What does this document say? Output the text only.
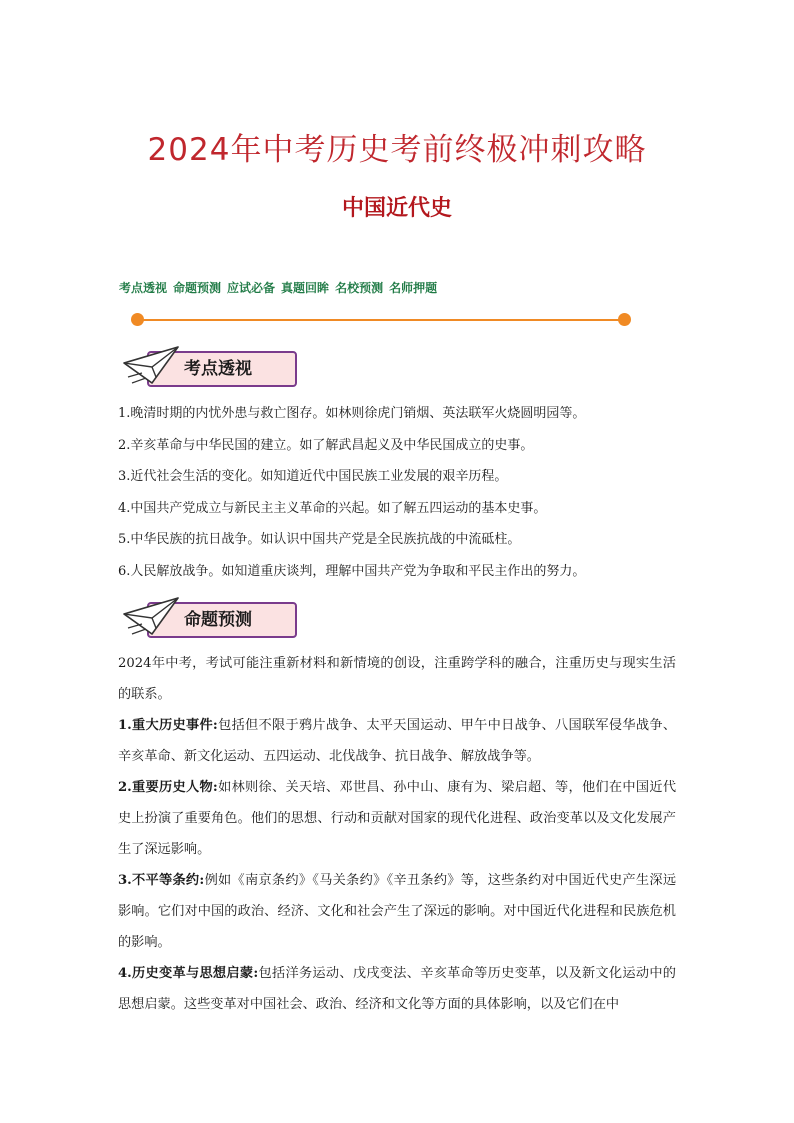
2024年中考历史考前终极冲刺攻略
中国近代史
考点透视 命题预测 应试必备 真题回眸 名校预测 名师押题
考点透视
1.晚清时期的内忧外患与救亡图存。如林则徐虎门销烟、英法联军火烧圆明园等。
2.辛亥革命与中华民国的建立。如了解武昌起义及中华民国成立的史事。
3.近代社会生活的变化。如知道近代中国民族工业发展的艰辛历程。
4.中国共产党成立与新民主主义革命的兴起。如了解五四运动的基本史事。
5.中华民族的抗日战争。如认识中国共产党是全民族抗战的中流砥柱。
6.人民解放战争。如知道重庆谈判，理解中国共产党为争取和平民主作出的努力。
命题预测

2024年中考，考试可能注重新材料和新情境的创设，注重跨学科的融合，注重历史与现实生活的联系。

1.重大历史事件:包括但不限于鸦片战争、太平天国运动、甲午中日战争、八国联军侵华战争、辛亥革命、新文化运动、五四运动、北伐战争、抗日战争、解放战争等。

2.重要历史人物:如林则徐、关天培、邓世昌、孙中山、康有为、梁启超、等，他们在中国近代史上扮演了重要角色。他们的思想、行动和贡献对国家的现代化进程、政治变革以及文化发展产生了深远影响。

3.不平等条约:例如《南京条约》《马关条约》《辛丑条约》等，这些条约对中国近代史产生深远影响。它们对中国的政治、经济、文化和社会产生了深远的影响。对中国近代化进程和民族危机的影响。

4.历史变革与思想启蒙:包括洋务运动、戊戌变法、辛亥革命等历史变革，以及新文化运动中的思想启蒙。这些变革对中国社会、政治、经济和文化等方面的具体影响，以及它们在中
